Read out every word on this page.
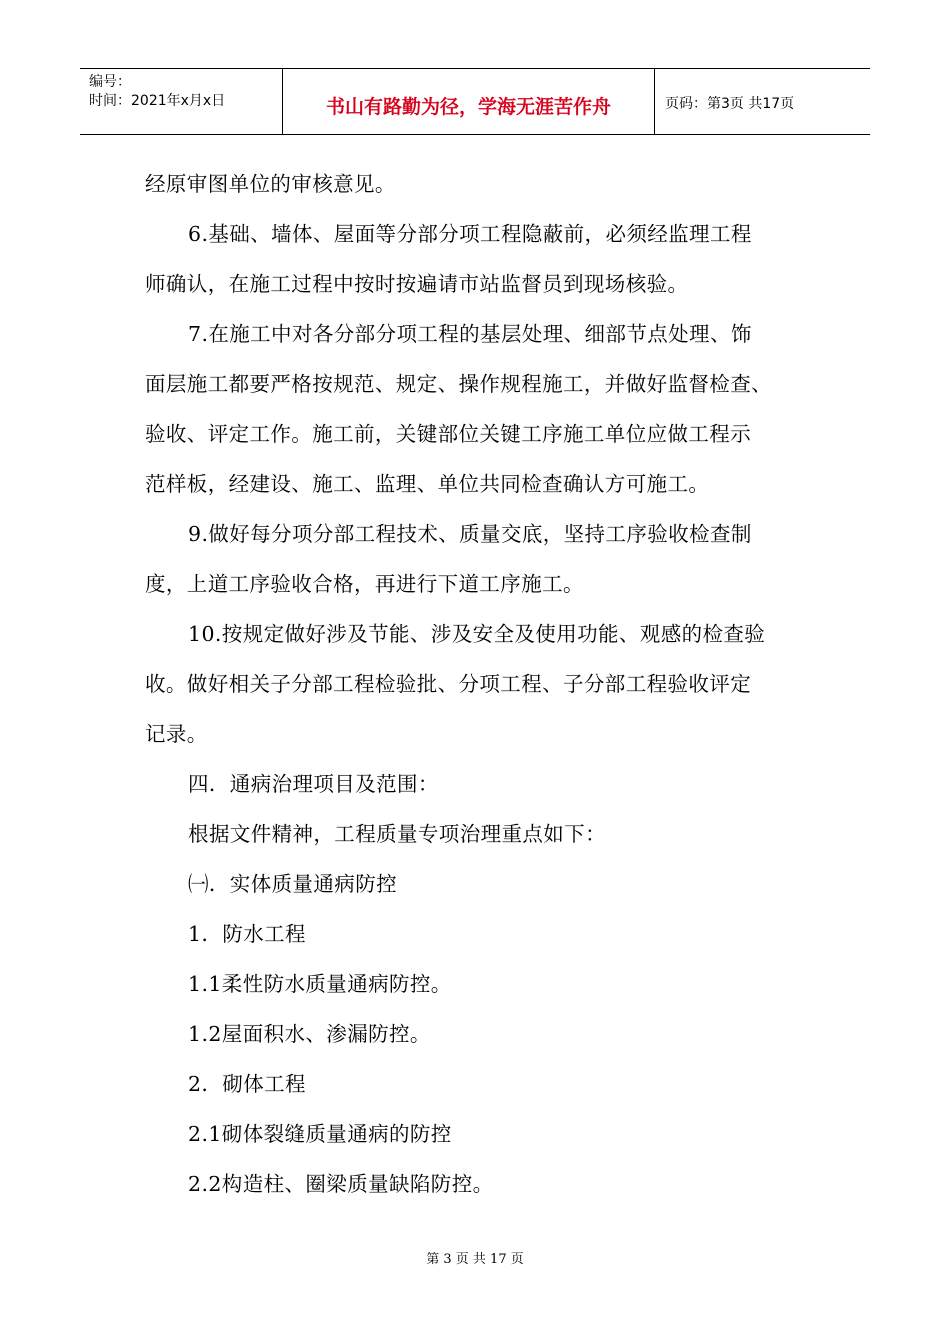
编号：
时间：2021年x月x日	书山有路勤为径，学海无涯苦作舟	页码：第3页 共17页
经原审图单位的审核意见。
6.基础、墙体、屋面等分部分项工程隐蔽前，必须经监理工程
师确认，在施工过程中按时按遍请市站监督员到现场核验。
7.在施工中对各分部分项工程的基层处理、细部节点处理、饰
面层施工都要严格按规范、规定、操作规程施工，并做好监督检查、
验收、评定工作。施工前，关键部位关键工序施工单位应做工程示
范样板，经建设、施工、监理、单位共同检查确认方可施工。
9.做好每分项分部工程技术、质量交底，坚持工序验收检查制
度，上道工序验收合格，再进行下道工序施工。
10.按规定做好涉及节能、涉及安全及使用功能、观感的检查验
收。做好相关子分部工程检验批、分项工程、子分部工程验收评定
记录。
四．通病治理项目及范围：
根据文件精神，工程质量专项治理重点如下：
㈠．实体质量通病防控
1．防水工程
1.1柔性防水质量通病防控。
1.2屋面积水、渗漏防控。
2．砌体工程
2.1砌体裂缝质量通病的防控
2.2构造柱、圈梁质量缺陷防控。
第 3 页 共 17 页
